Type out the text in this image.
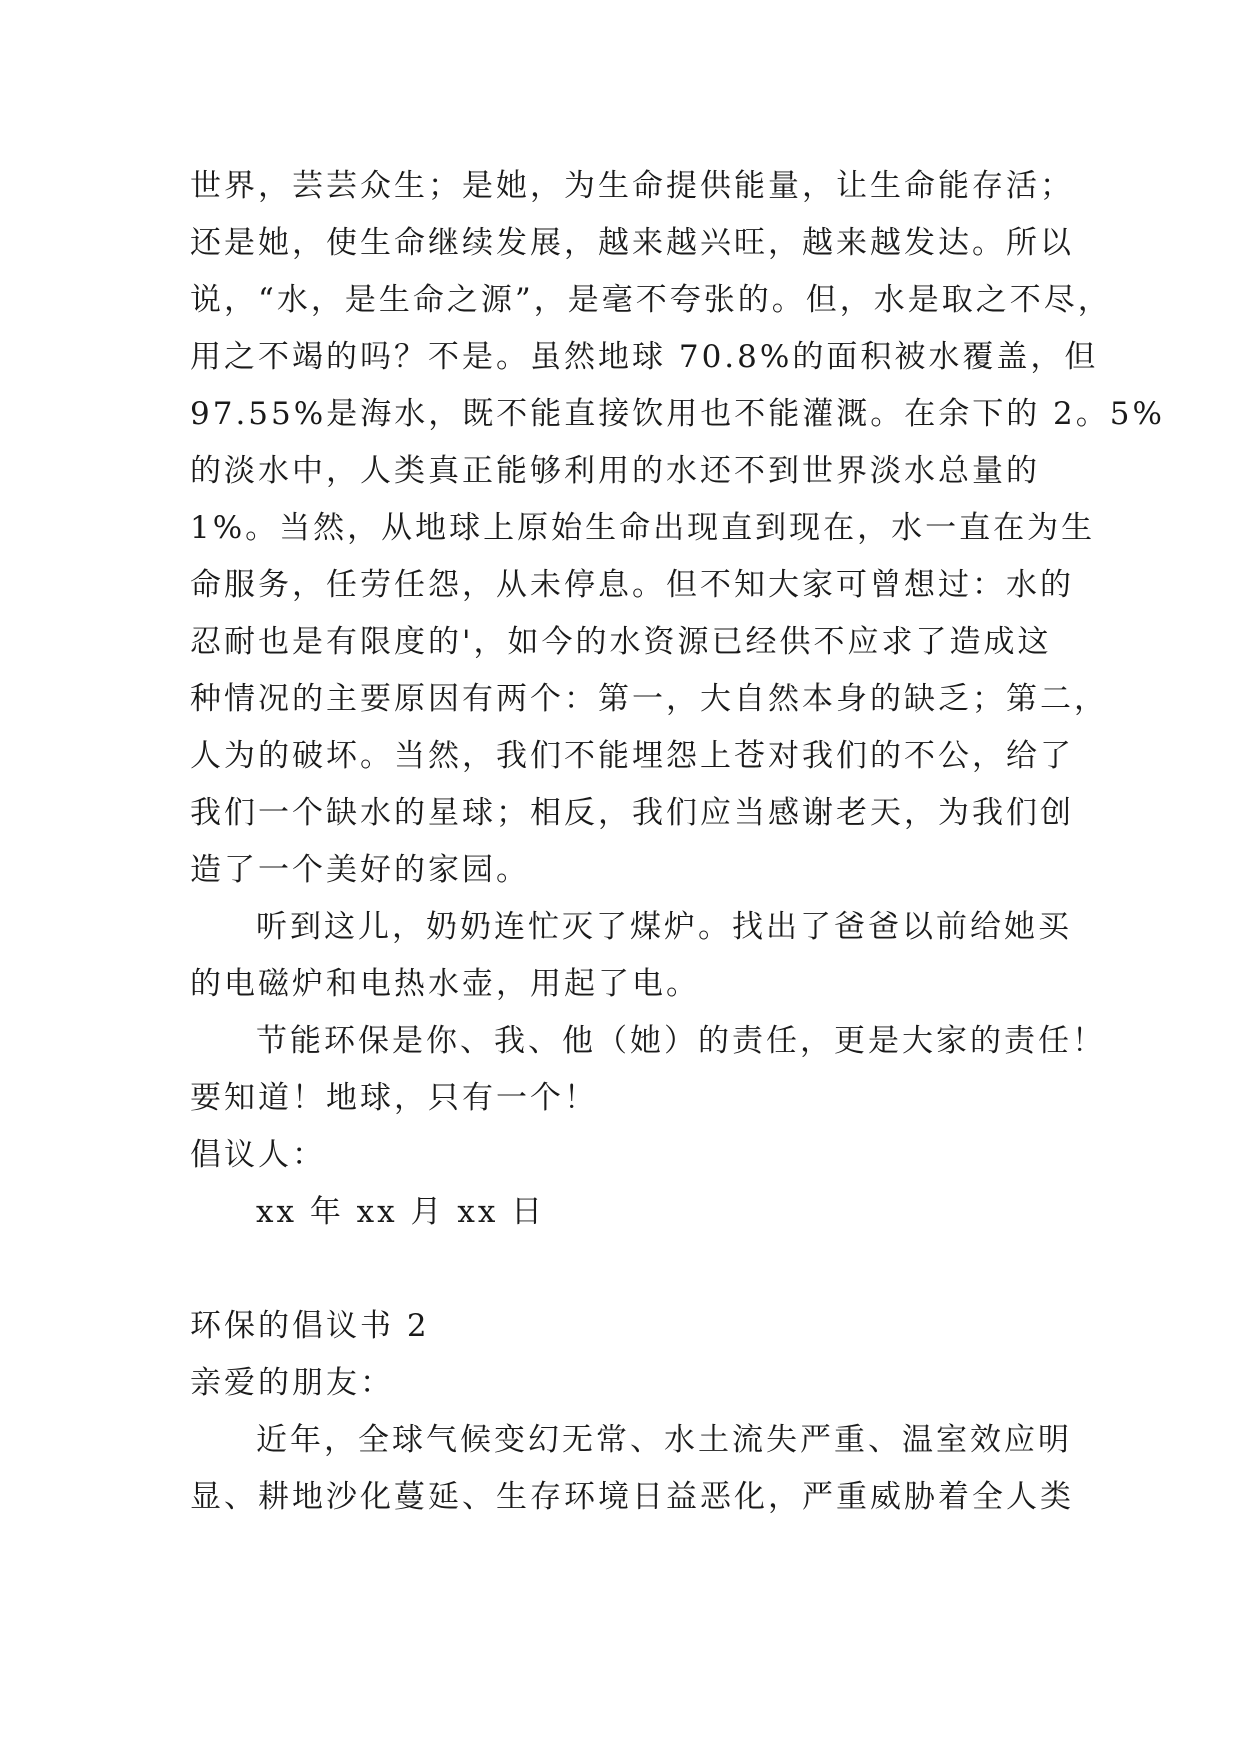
世界，芸芸众生；是她，为生命提供能量，让生命能存活；
还是她，使生命继续发展，越来越兴旺，越来越发达。所以
说，“水，是生命之源”，是毫不夸张的。但，水是取之不尽，
用之不竭的吗？不是。虽然地球 70.8%的面积被水覆盖，但
97.55%是海水，既不能直接饮用也不能灌溉。在余下的 2。5%
的淡水中，人类真正能够利用的水还不到世界淡水总量的
1%。当然，从地球上原始生命出现直到现在，水一直在为生
命服务，任劳任怨，从未停息。但不知大家可曾想过：水的
忍耐也是有限度的'，如今的水资源已经供不应求了造成这
种情况的主要原因有两个：第一，大自然本身的缺乏；第二，
人为的破坏。当然，我们不能埋怨上苍对我们的不公，给了
我们一个缺水的星球；相反，我们应当感谢老天，为我们创
造了一个美好的家园。
听到这儿，奶奶连忙灭了煤炉。找出了爸爸以前给她买
的电磁炉和电热水壶，用起了电。
节能环保是你、我、他（她）的责任，更是大家的责任！
要知道！地球，只有一个！
倡议人：
xx 年 xx 月 xx 日
环保的倡议书 2
亲爱的朋友：
近年，全球气候变幻无常、水土流失严重、温室效应明
显、耕地沙化蔓延、生存环境日益恶化，严重威胁着全人类
